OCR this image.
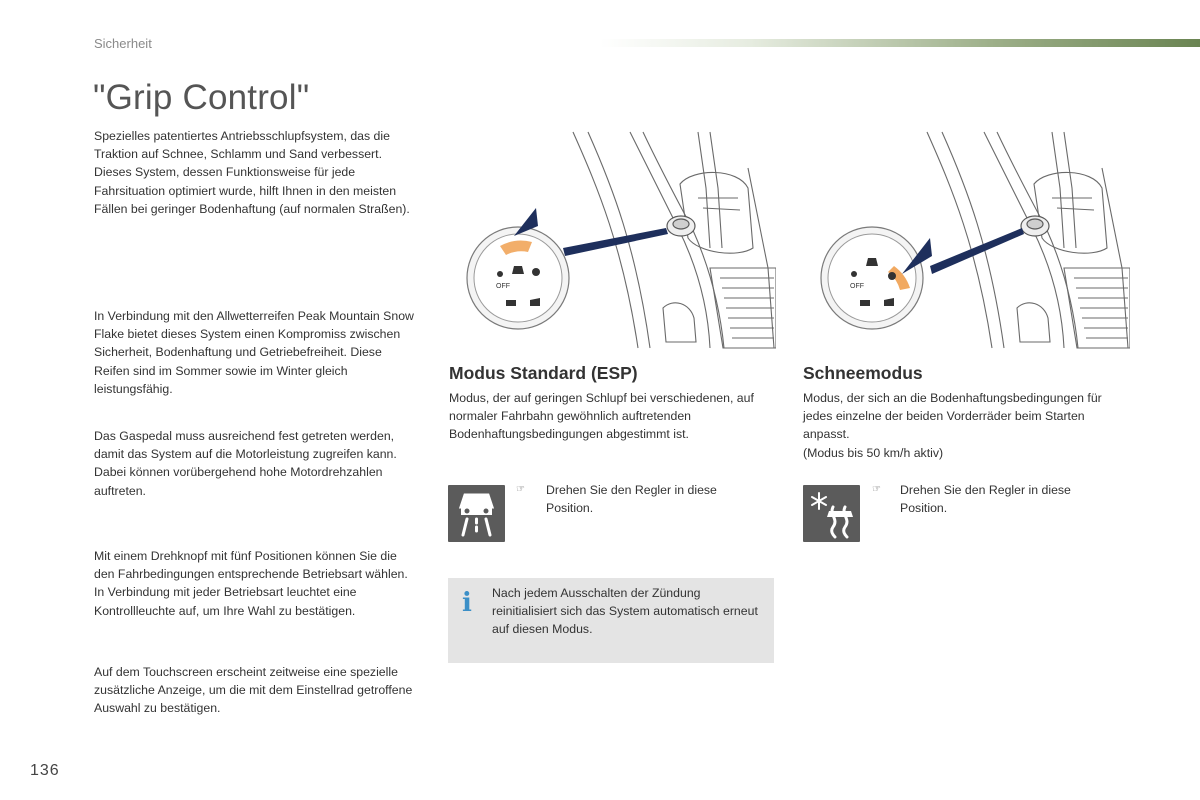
Sicherheit
"Grip Control"

Spezielles patentiertes Antriebsschlupfsystem, das die Traktion auf Schnee, Schlamm und Sand verbessert.
Dieses System, dessen Funktionsweise für jede Fahrsituation optimiert wurde, hilft Ihnen in den meisten Fällen bei geringer Bodenhaftung (auf normalen Straßen).

In Verbindung mit den Allwetterreifen Peak Mountain Snow Flake bietet dieses System einen Kompromiss zwischen Sicherheit, Bodenhaftung und Getriebefreiheit. Diese Reifen sind im Sommer sowie im Winter gleich leistungsfähig.

Das Gaspedal muss ausreichend fest getreten werden, damit das System auf die Motorleistung zugreifen kann. Dabei können vorübergehend hohe Motordrehzahlen auftreten.

Mit einem Drehknopf mit fünf Positionen können Sie die den Fahrbedingungen entsprechende Betriebsart wählen.
In Verbindung mit jeder Betriebsart leuchtet eine Kontrollleuchte auf, um Ihre Wahl zu bestätigen.

Auf dem Touchscreen erscheint zeitweise eine spezielle zusätzliche Anzeige, um die mit dem Einstellrad getroffene Auswahl zu bestätigen.

OFF	OFF
Modus Standard (ESP)

Modus, der auf geringen Schlupf bei verschiedenen, auf normaler Fahrbahn gewöhnlich auftretenden Bodenhaftungsbedingungen abgestimmt ist.

☞ Drehen Sie den Regler in diese Position.

i Nach jedem Ausschalten der Zündung reinitialisiert sich das System automatisch erneut auf diesen Modus.

Schneemodus

Modus, der sich an die Bodenhaftungsbedingungen für jedes einzelne der beiden Vorderräder beim Starten anpasst.
(Modus bis 50 km/h aktiv)

☞ Drehen Sie den Regler in diese Position.

136
